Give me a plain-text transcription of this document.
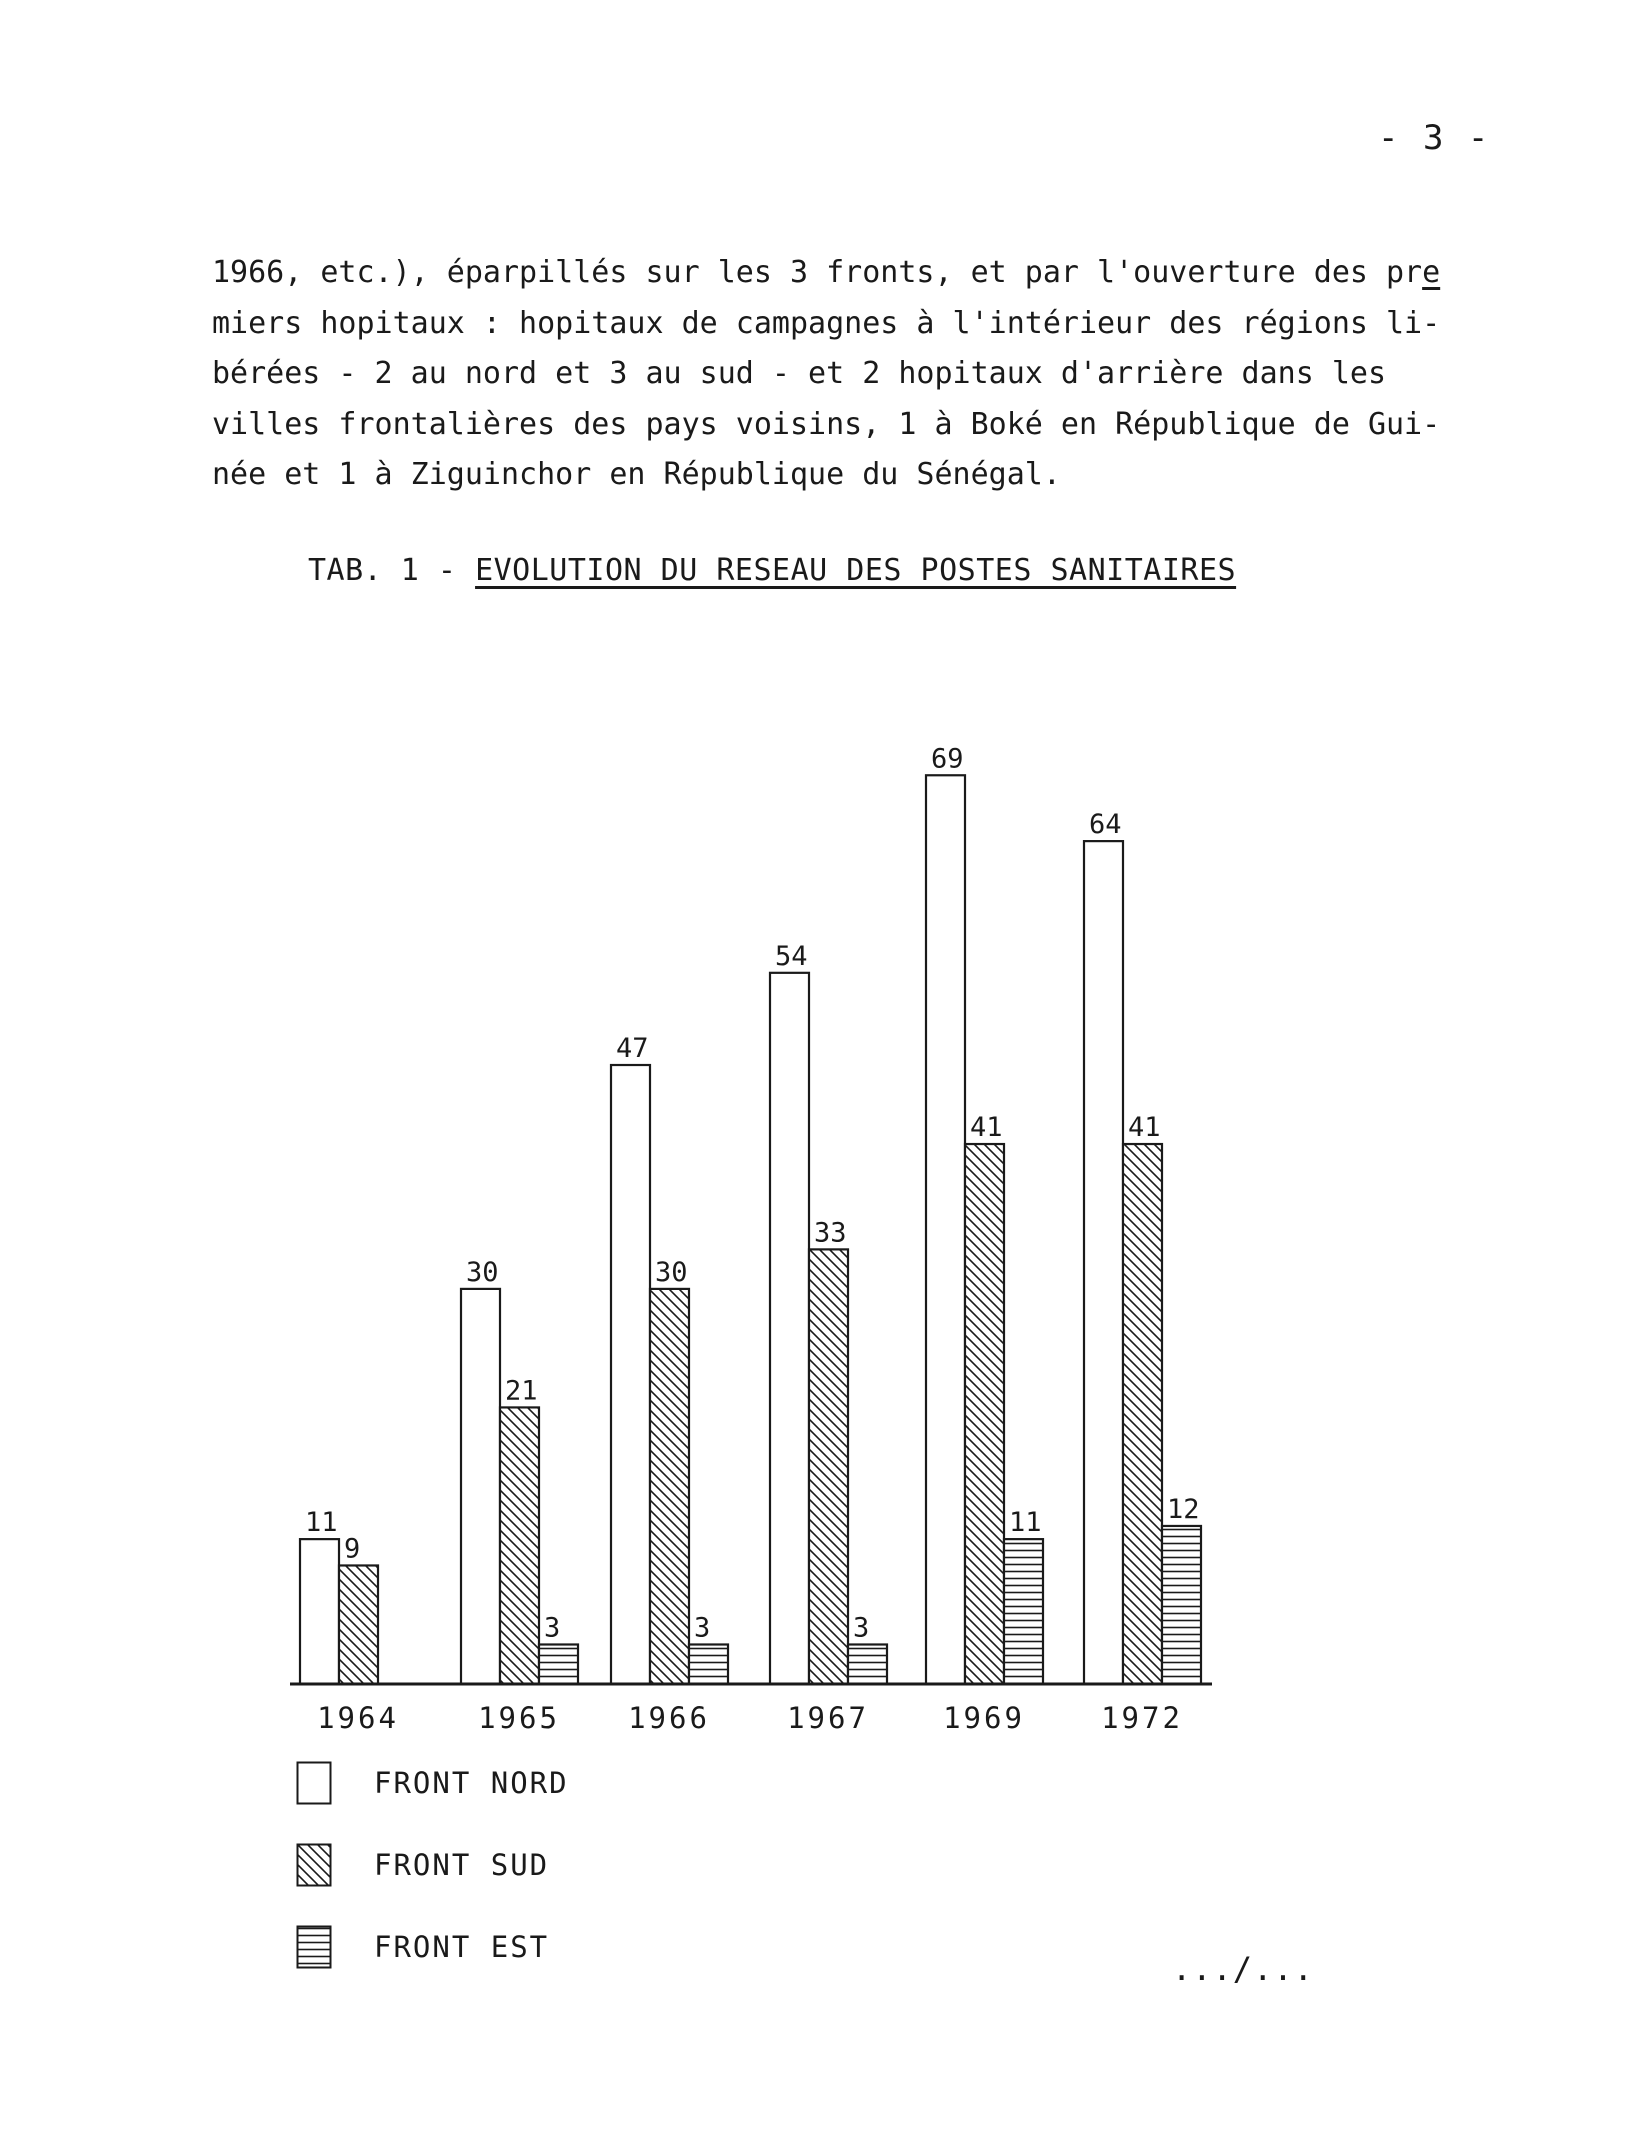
- 3 -
1966, etc.), éparpillés sur les 3 fronts, et par l'ouverture des pre
miers hopitaux : hopitaux de campagnes à l'intérieur des régions li-
bérées - 2 au nord et 3 au sud - et 2 hopitaux d'arrière dans les
villes frontalières des pays voisins, 1 à Boké en République de Gui-
née et 1 à Ziguinchor en République du Sénégal.
TAB. 1 - EVOLUTION DU RESEAU DES POSTES SANITAIRES
11
9
1964
30
21
3
1965
47
30
3
1966
54
33
3
1967
69
41
11
1969
64
41
12
1972
FRONT NORD
FRONT SUD
FRONT EST
.../...
